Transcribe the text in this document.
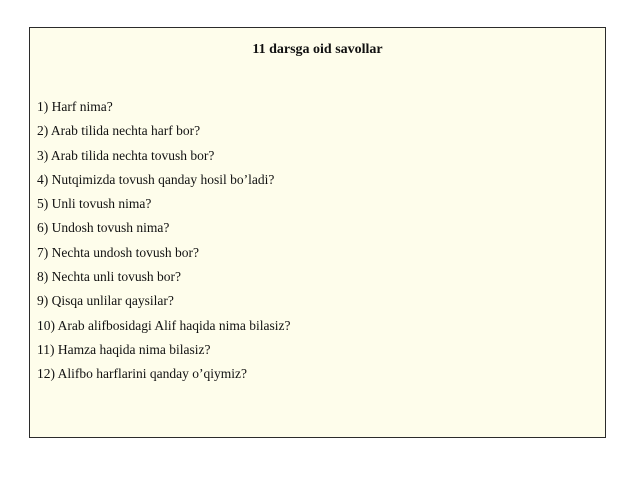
11 darsga oid savollar
1) Harf nima?
2) Arab tilida nechta harf bor?
3) Arab tilida nechta tovush bor?
4) Nutqimizda tovush qanday hosil bo’ladi?
5) Unli tovush nima?
6) Undosh tovush nima?
7) Nechta undosh tovush bor?
8) Nechta unli tovush bor?
9) Qisqa unlilar qaysilar?
10) Arab alifbosidagi Alif haqida nima bilasiz?
11) Hamza haqida nima bilasiz?
12) Alifbo harflarini qanday o’qiymiz?
